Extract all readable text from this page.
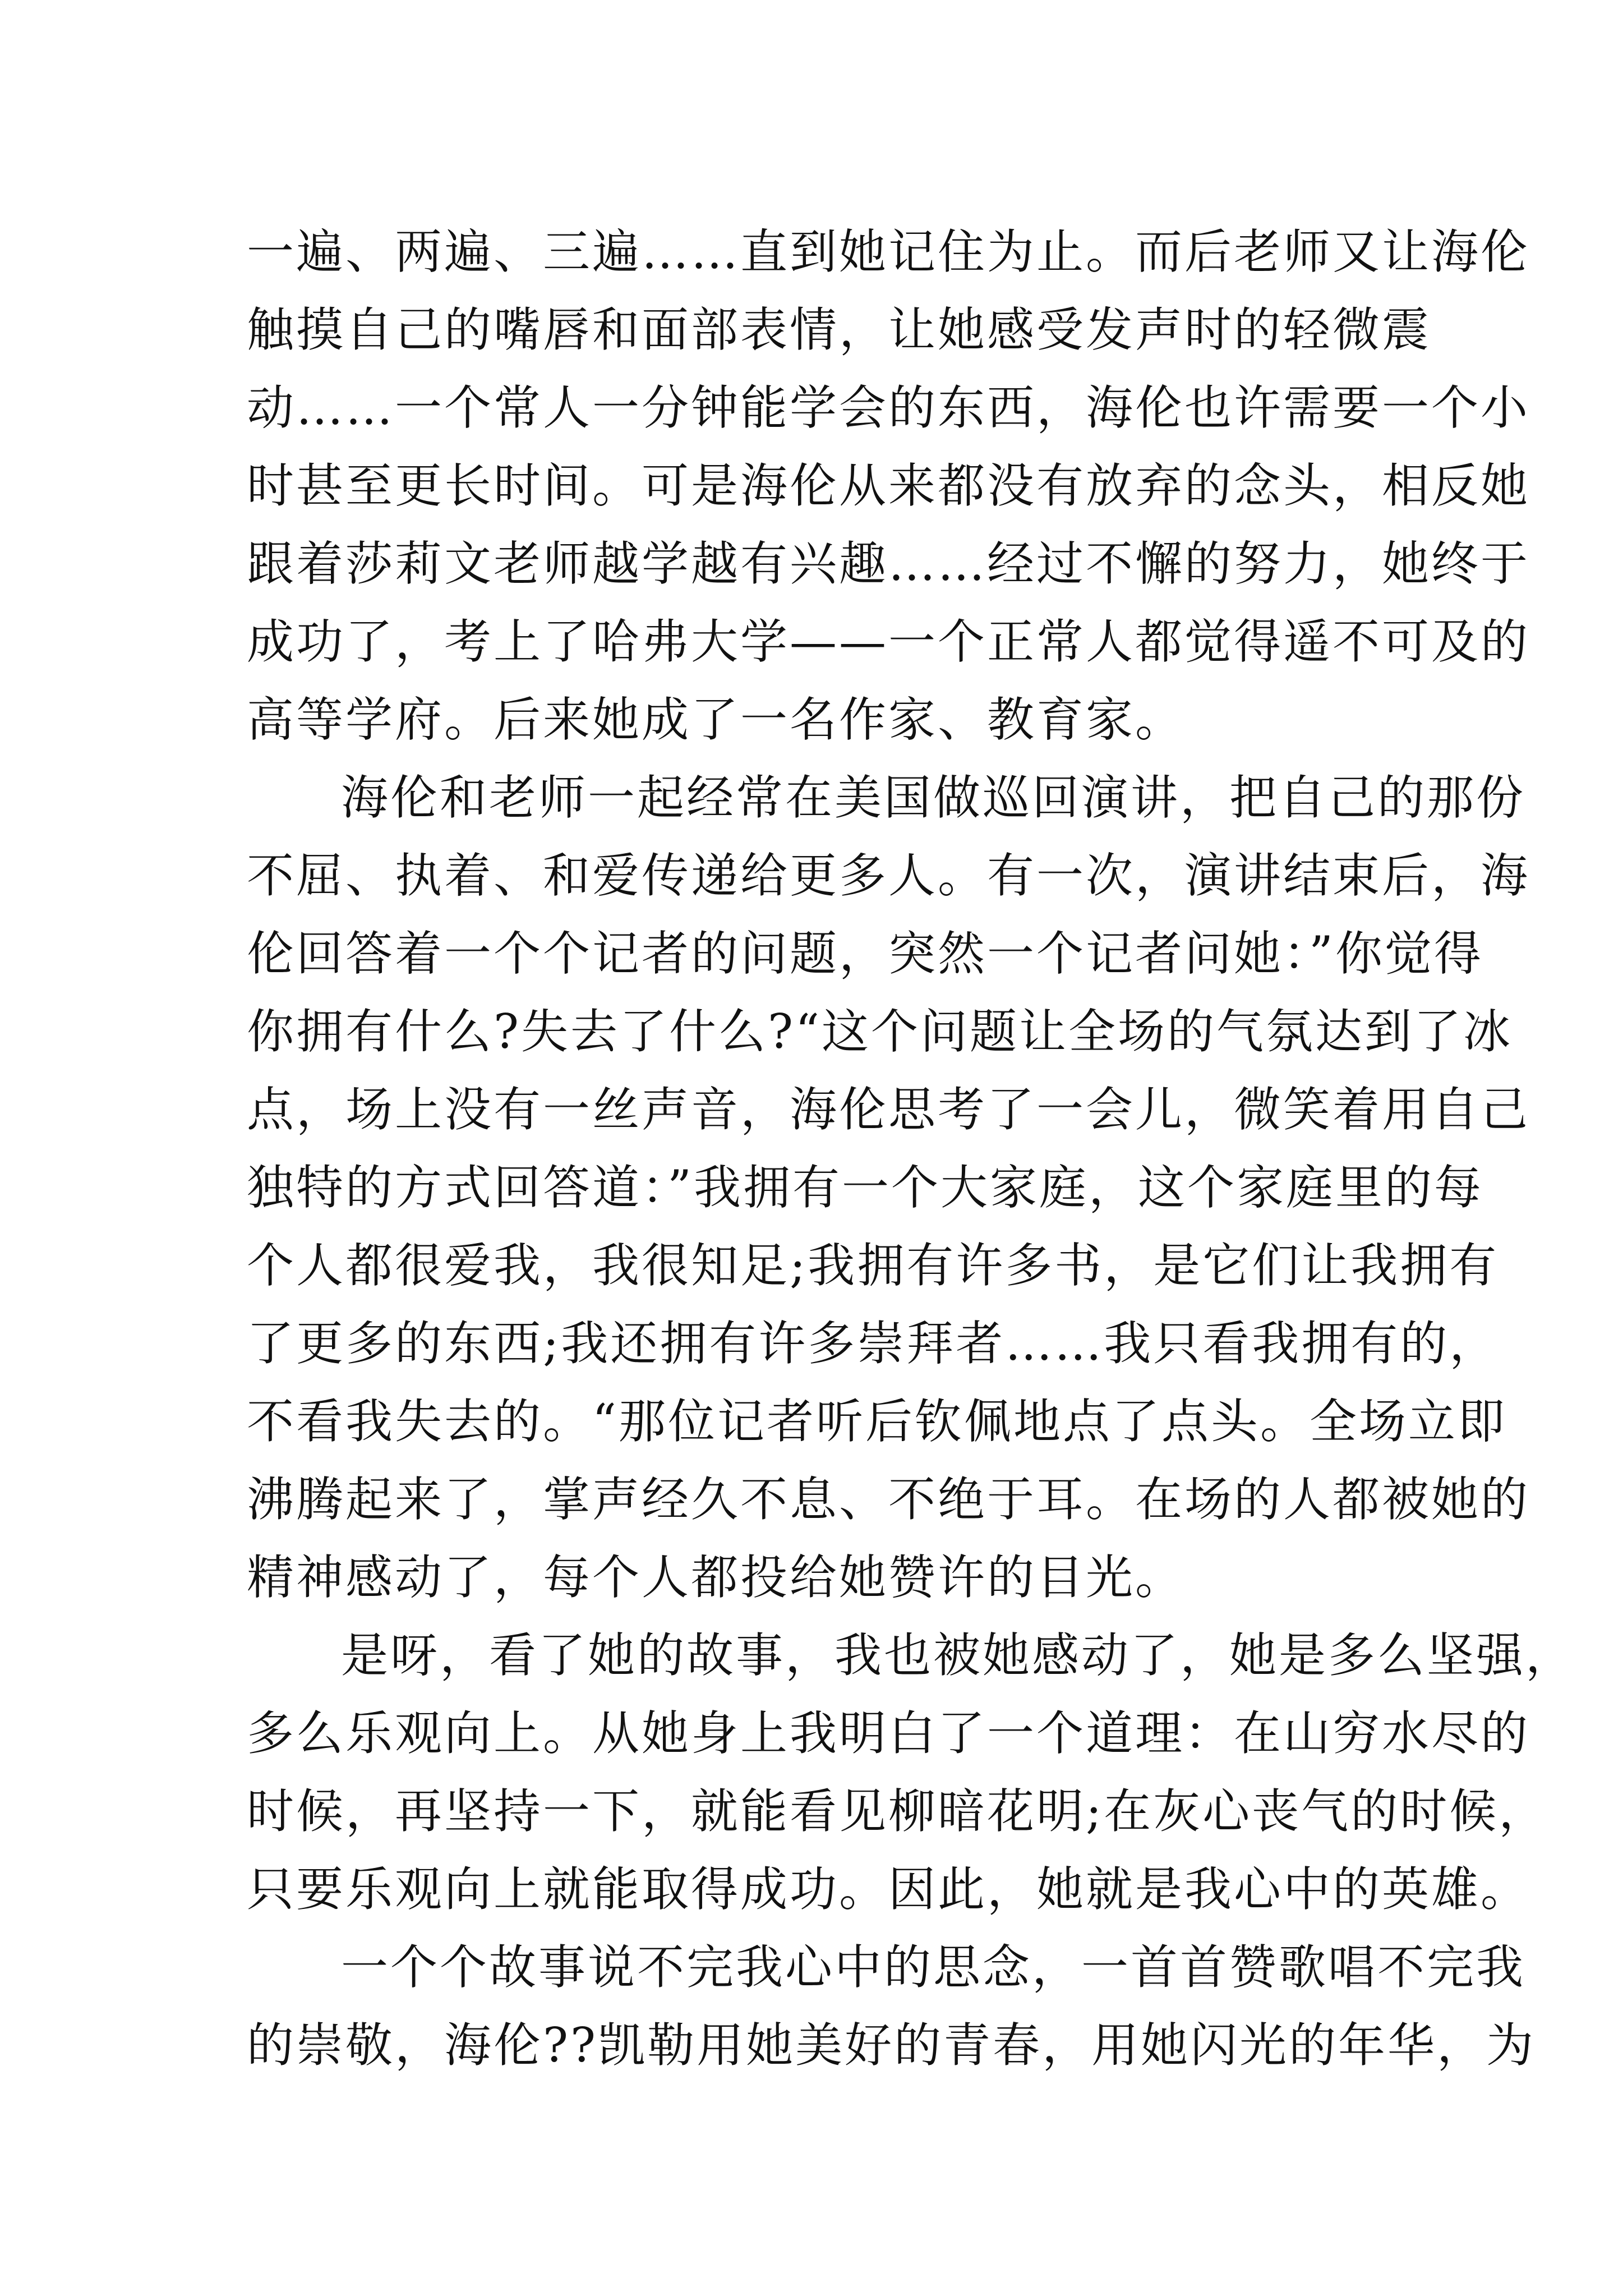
一遍、两遍、三遍……直到她记住为止。而后老师又让海伦
触摸自己的嘴唇和面部表情，让她感受发声时的轻微震
动……一个常人一分钟能学会的东西，海伦也许需要一个小
时甚至更长时间。可是海伦从来都没有放弃的念头，相反她
跟着莎莉文老师越学越有兴趣……经过不懈的努力，她终于
成功了，考上了哈弗大学——一个正常人都觉得遥不可及的
高等学府。后来她成了一名作家、教育家。
海伦和老师一起经常在美国做巡回演讲，把自己的那份
不屈、执着、和爱传递给更多人。有一次，演讲结束后，海
伦回答着一个个记者的问题，突然一个记者问她：”你觉得
你拥有什么?失去了什么?“这个问题让全场的气氛达到了冰
点，场上没有一丝声音，海伦思考了一会儿，微笑着用自己
独特的方式回答道：”我拥有一个大家庭，这个家庭里的每
个人都很爱我，我很知足;我拥有许多书，是它们让我拥有
了更多的东西;我还拥有许多崇拜者……我只看我拥有的，
不看我失去的。“那位记者听后钦佩地点了点头。全场立即
沸腾起来了，掌声经久不息、不绝于耳。在场的人都被她的
精神感动了，每个人都投给她赞许的目光。
是呀，看了她的故事，我也被她感动了，她是多么坚强，
多么乐观向上。从她身上我明白了一个道理：在山穷水尽的
时候，再坚持一下，就能看见柳暗花明;在灰心丧气的时候，
只要乐观向上就能取得成功。因此，她就是我心中的英雄。
一个个故事说不完我心中的思念，一首首赞歌唱不完我
的崇敬，海伦??凯勒用她美好的青春，用她闪光的年华，为
